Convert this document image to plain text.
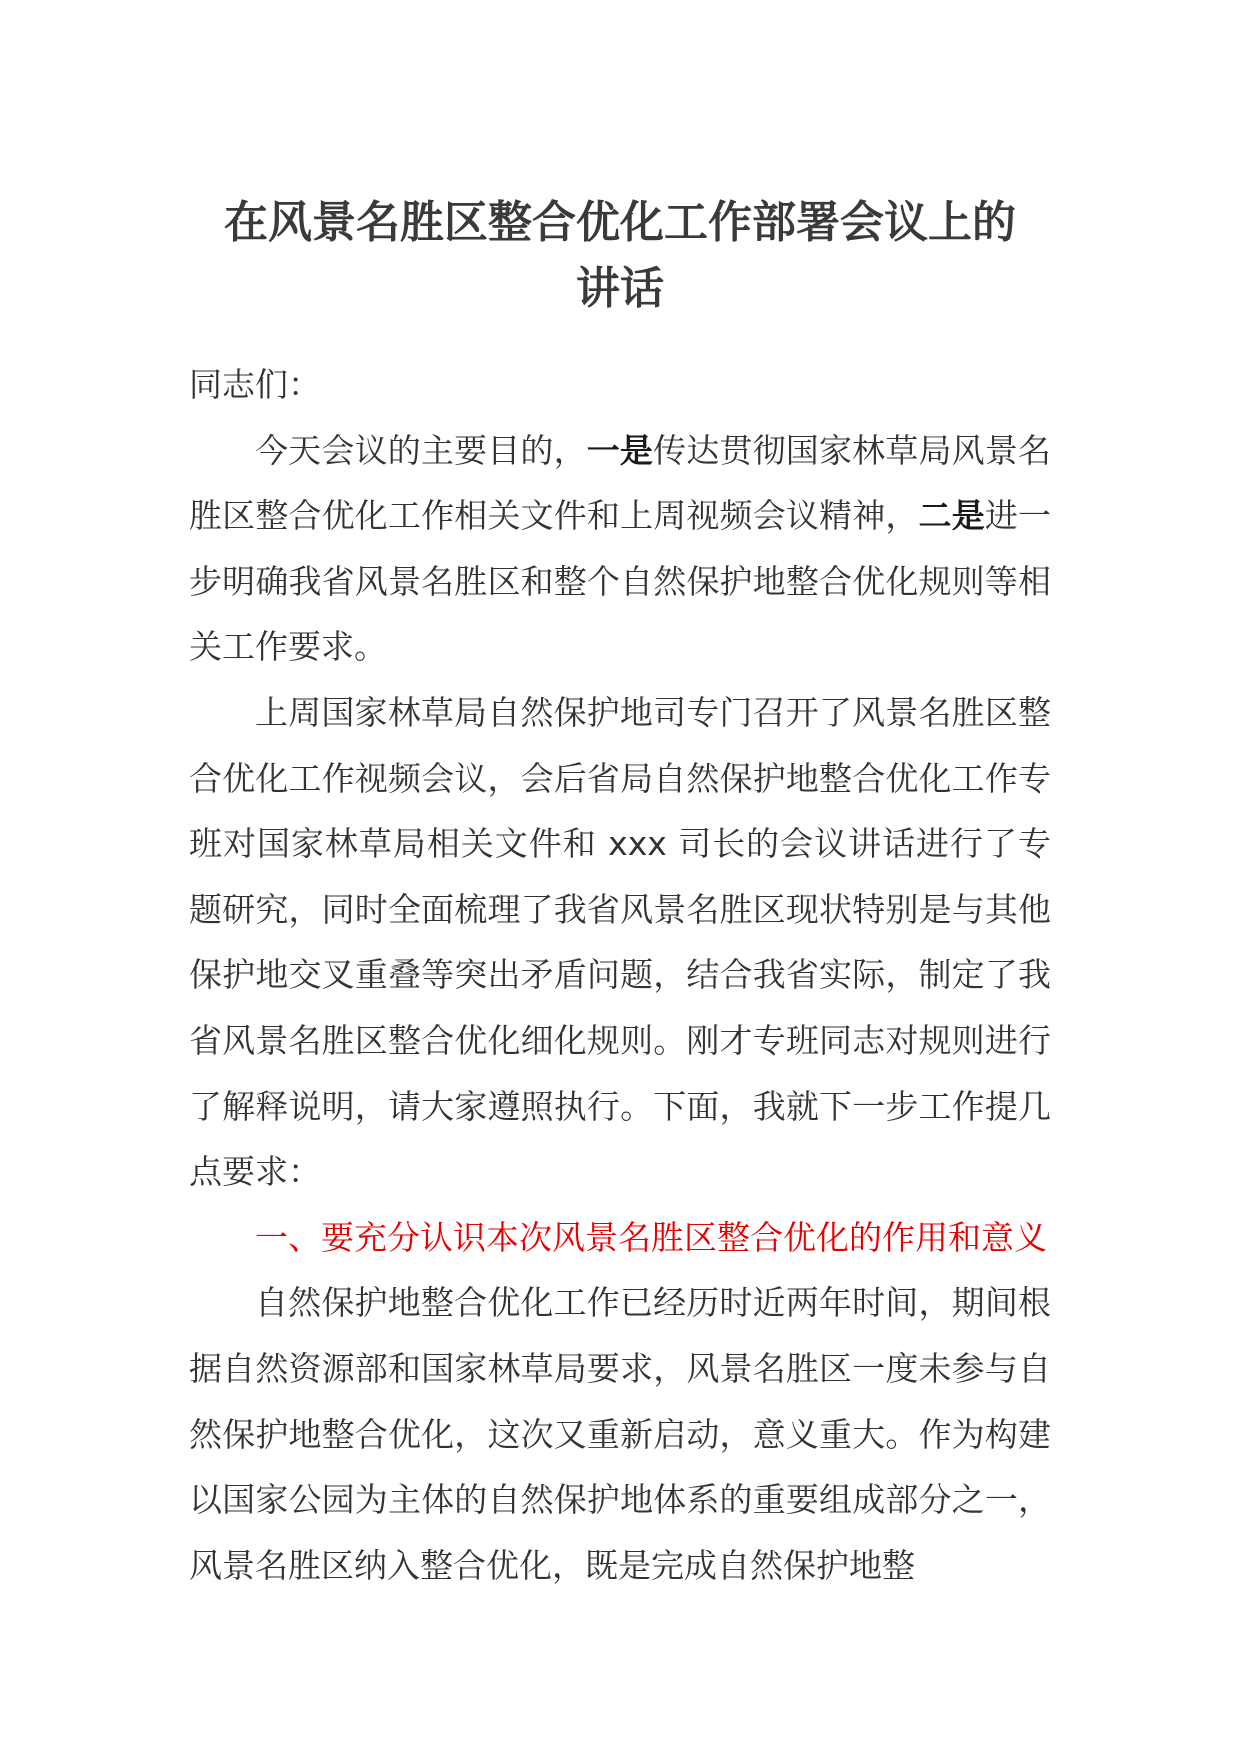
在风景名胜区整合优化工作部署会议上的
讲话

同志们：

今天会议的主要目的，一是传达贯彻国家林草局风景名胜区整合优化工作相关文件和上周视频会议精神，二是进一步明确我省风景名胜区和整个自然保护地整合优化规则等相关工作要求。

上周国家林草局自然保护地司专门召开了风景名胜区整合优化工作视频会议，会后省局自然保护地整合优化工作专班对国家林草局相关文件和 xxx 司长的会议讲话进行了专题研究，同时全面梳理了我省风景名胜区现状特别是与其他保护地交叉重叠等突出矛盾问题，结合我省实际，制定了我省风景名胜区整合优化细化规则。刚才专班同志对规则进行了解释说明，请大家遵照执行。下面，我就下一步工作提几点要求：

一、要充分认识本次风景名胜区整合优化的作用和意义

自然保护地整合优化工作已经历时近两年时间，期间根据自然资源部和国家林草局要求，风景名胜区一度未参与自然保护地整合优化，这次又重新启动，意义重大。作为构建以国家公园为主体的自然保护地体系的重要组成部分之一，风景名胜区纳入整合优化，既是完成自然保护地整
